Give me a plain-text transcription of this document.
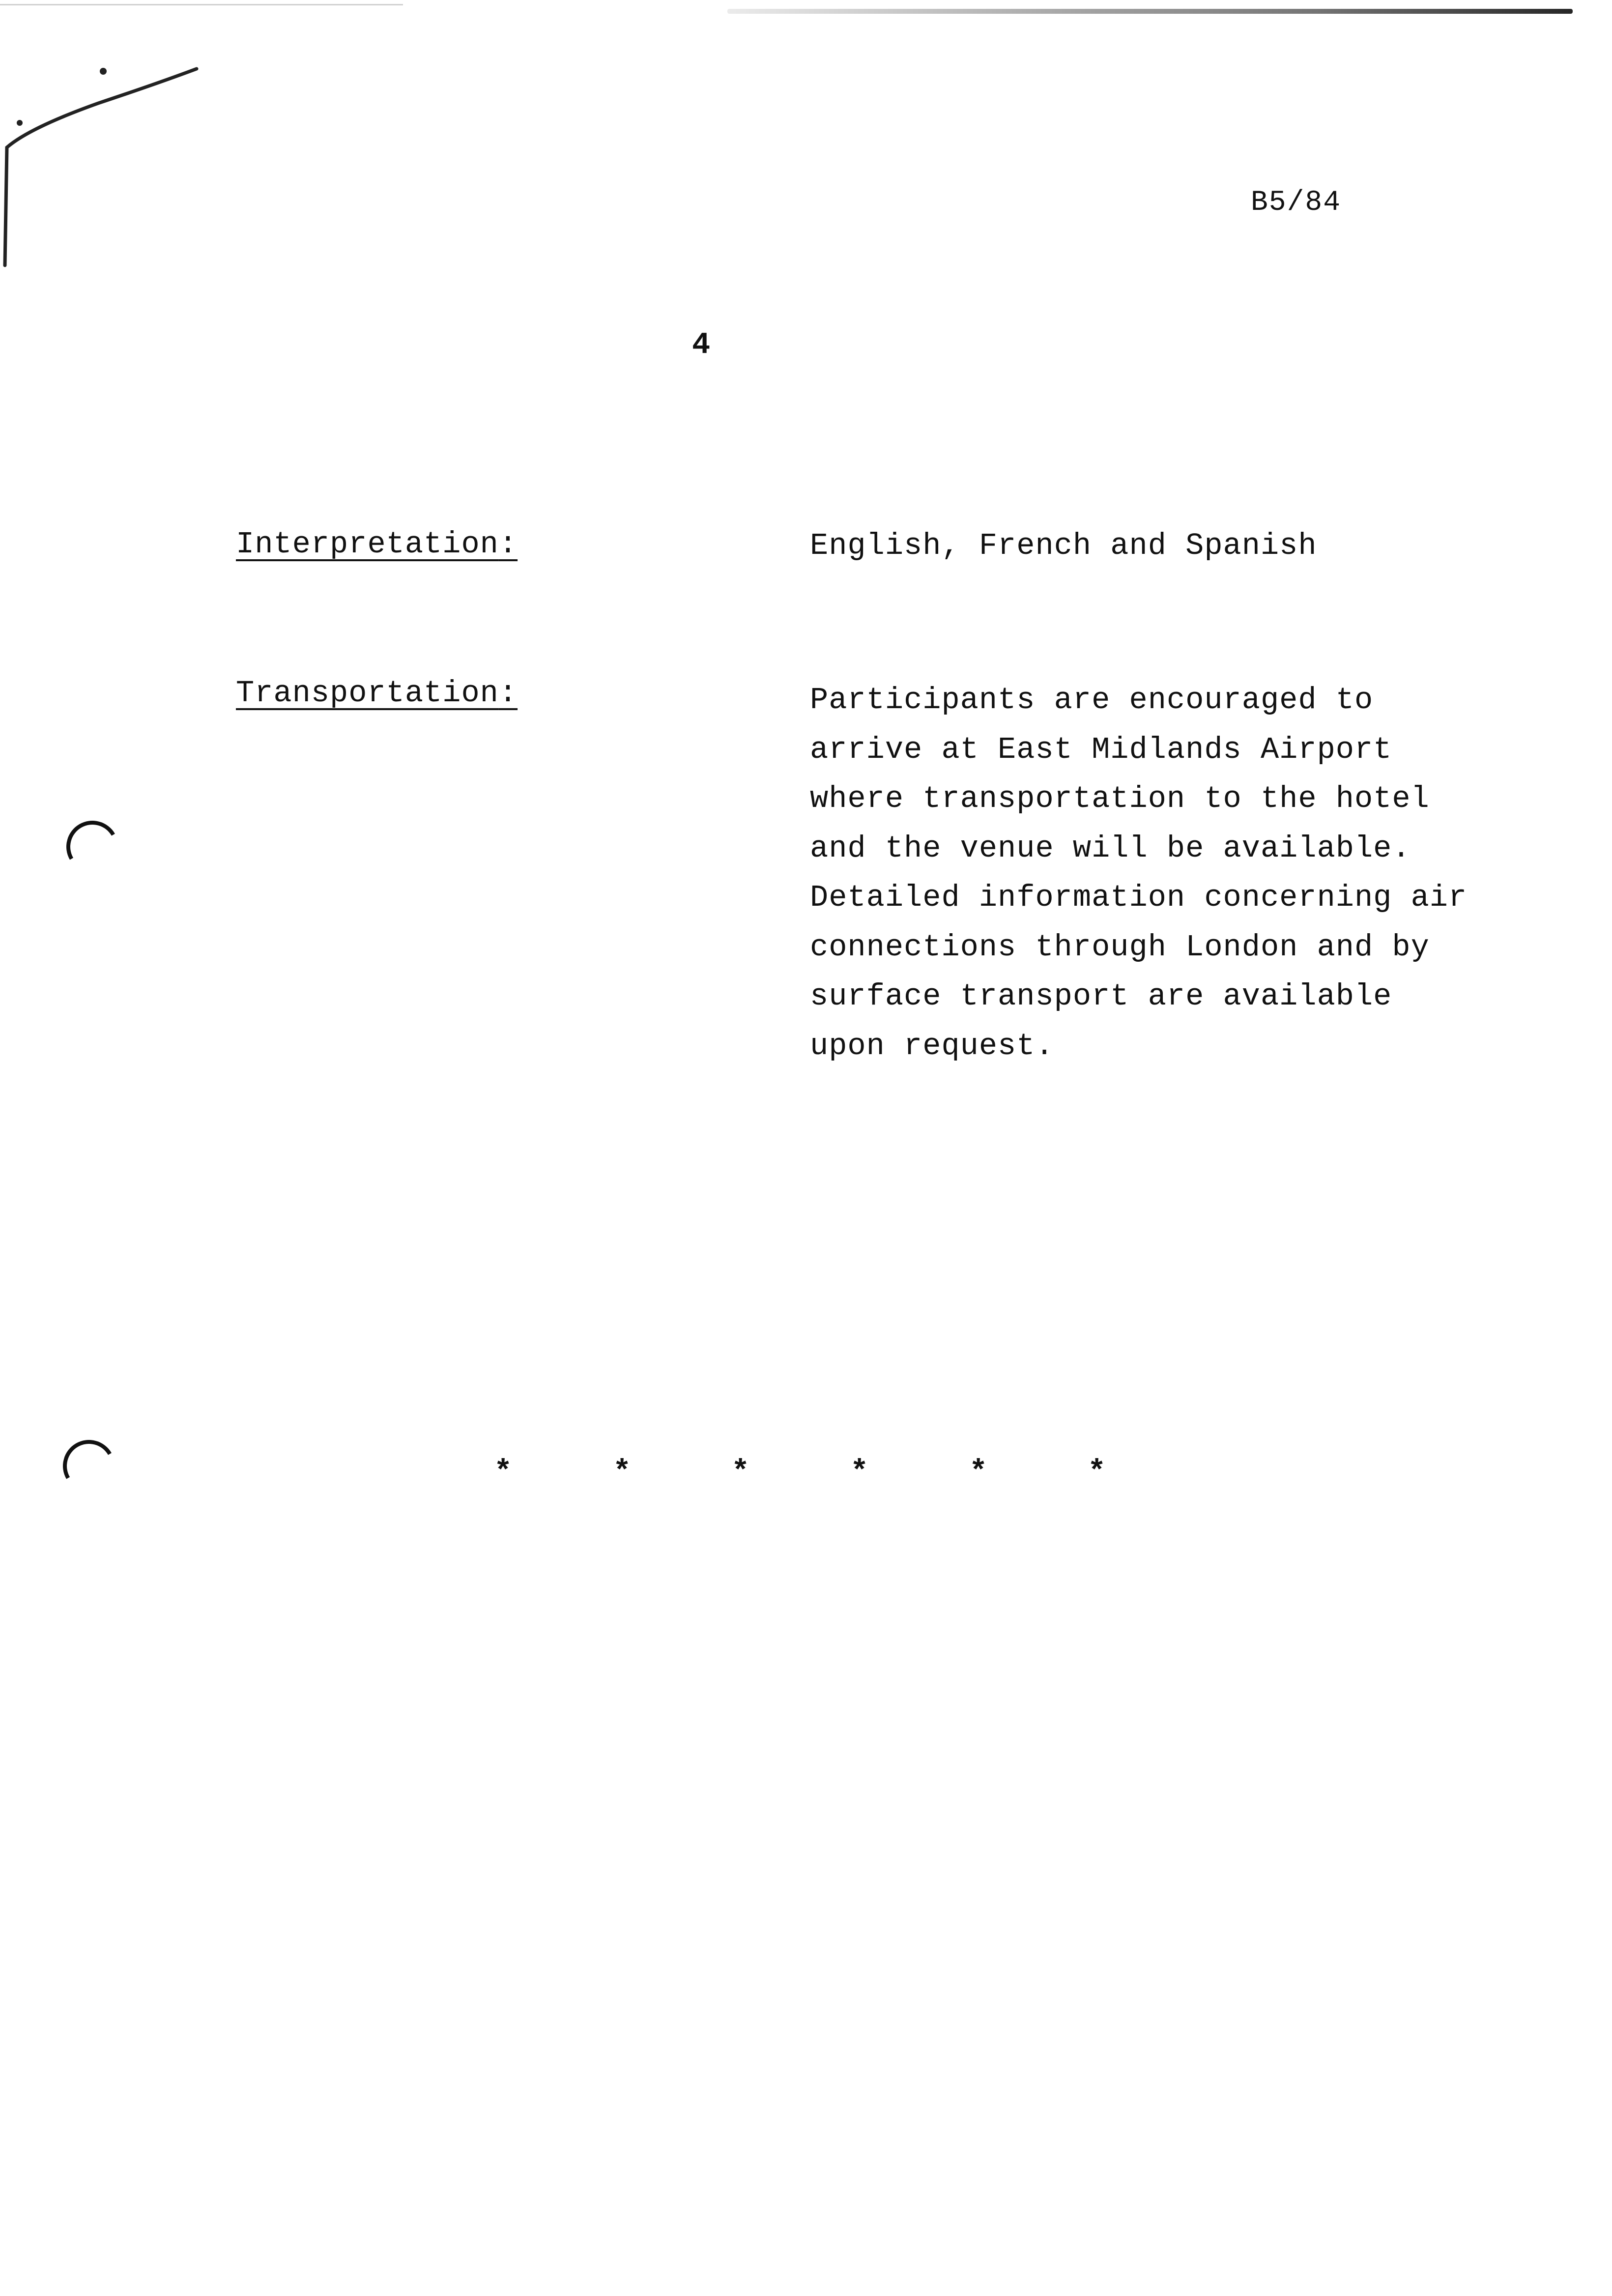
B5/84
4
Interpretation:	English, French and Spanish
Transportation:	Participants are encouraged to
arrive at East Midlands Airport
where transportation to the hotel
and the venue will be available.
Detailed information concerning air
connections through London and by
surface transport are available
upon request.
*	*	*	*	*	*
